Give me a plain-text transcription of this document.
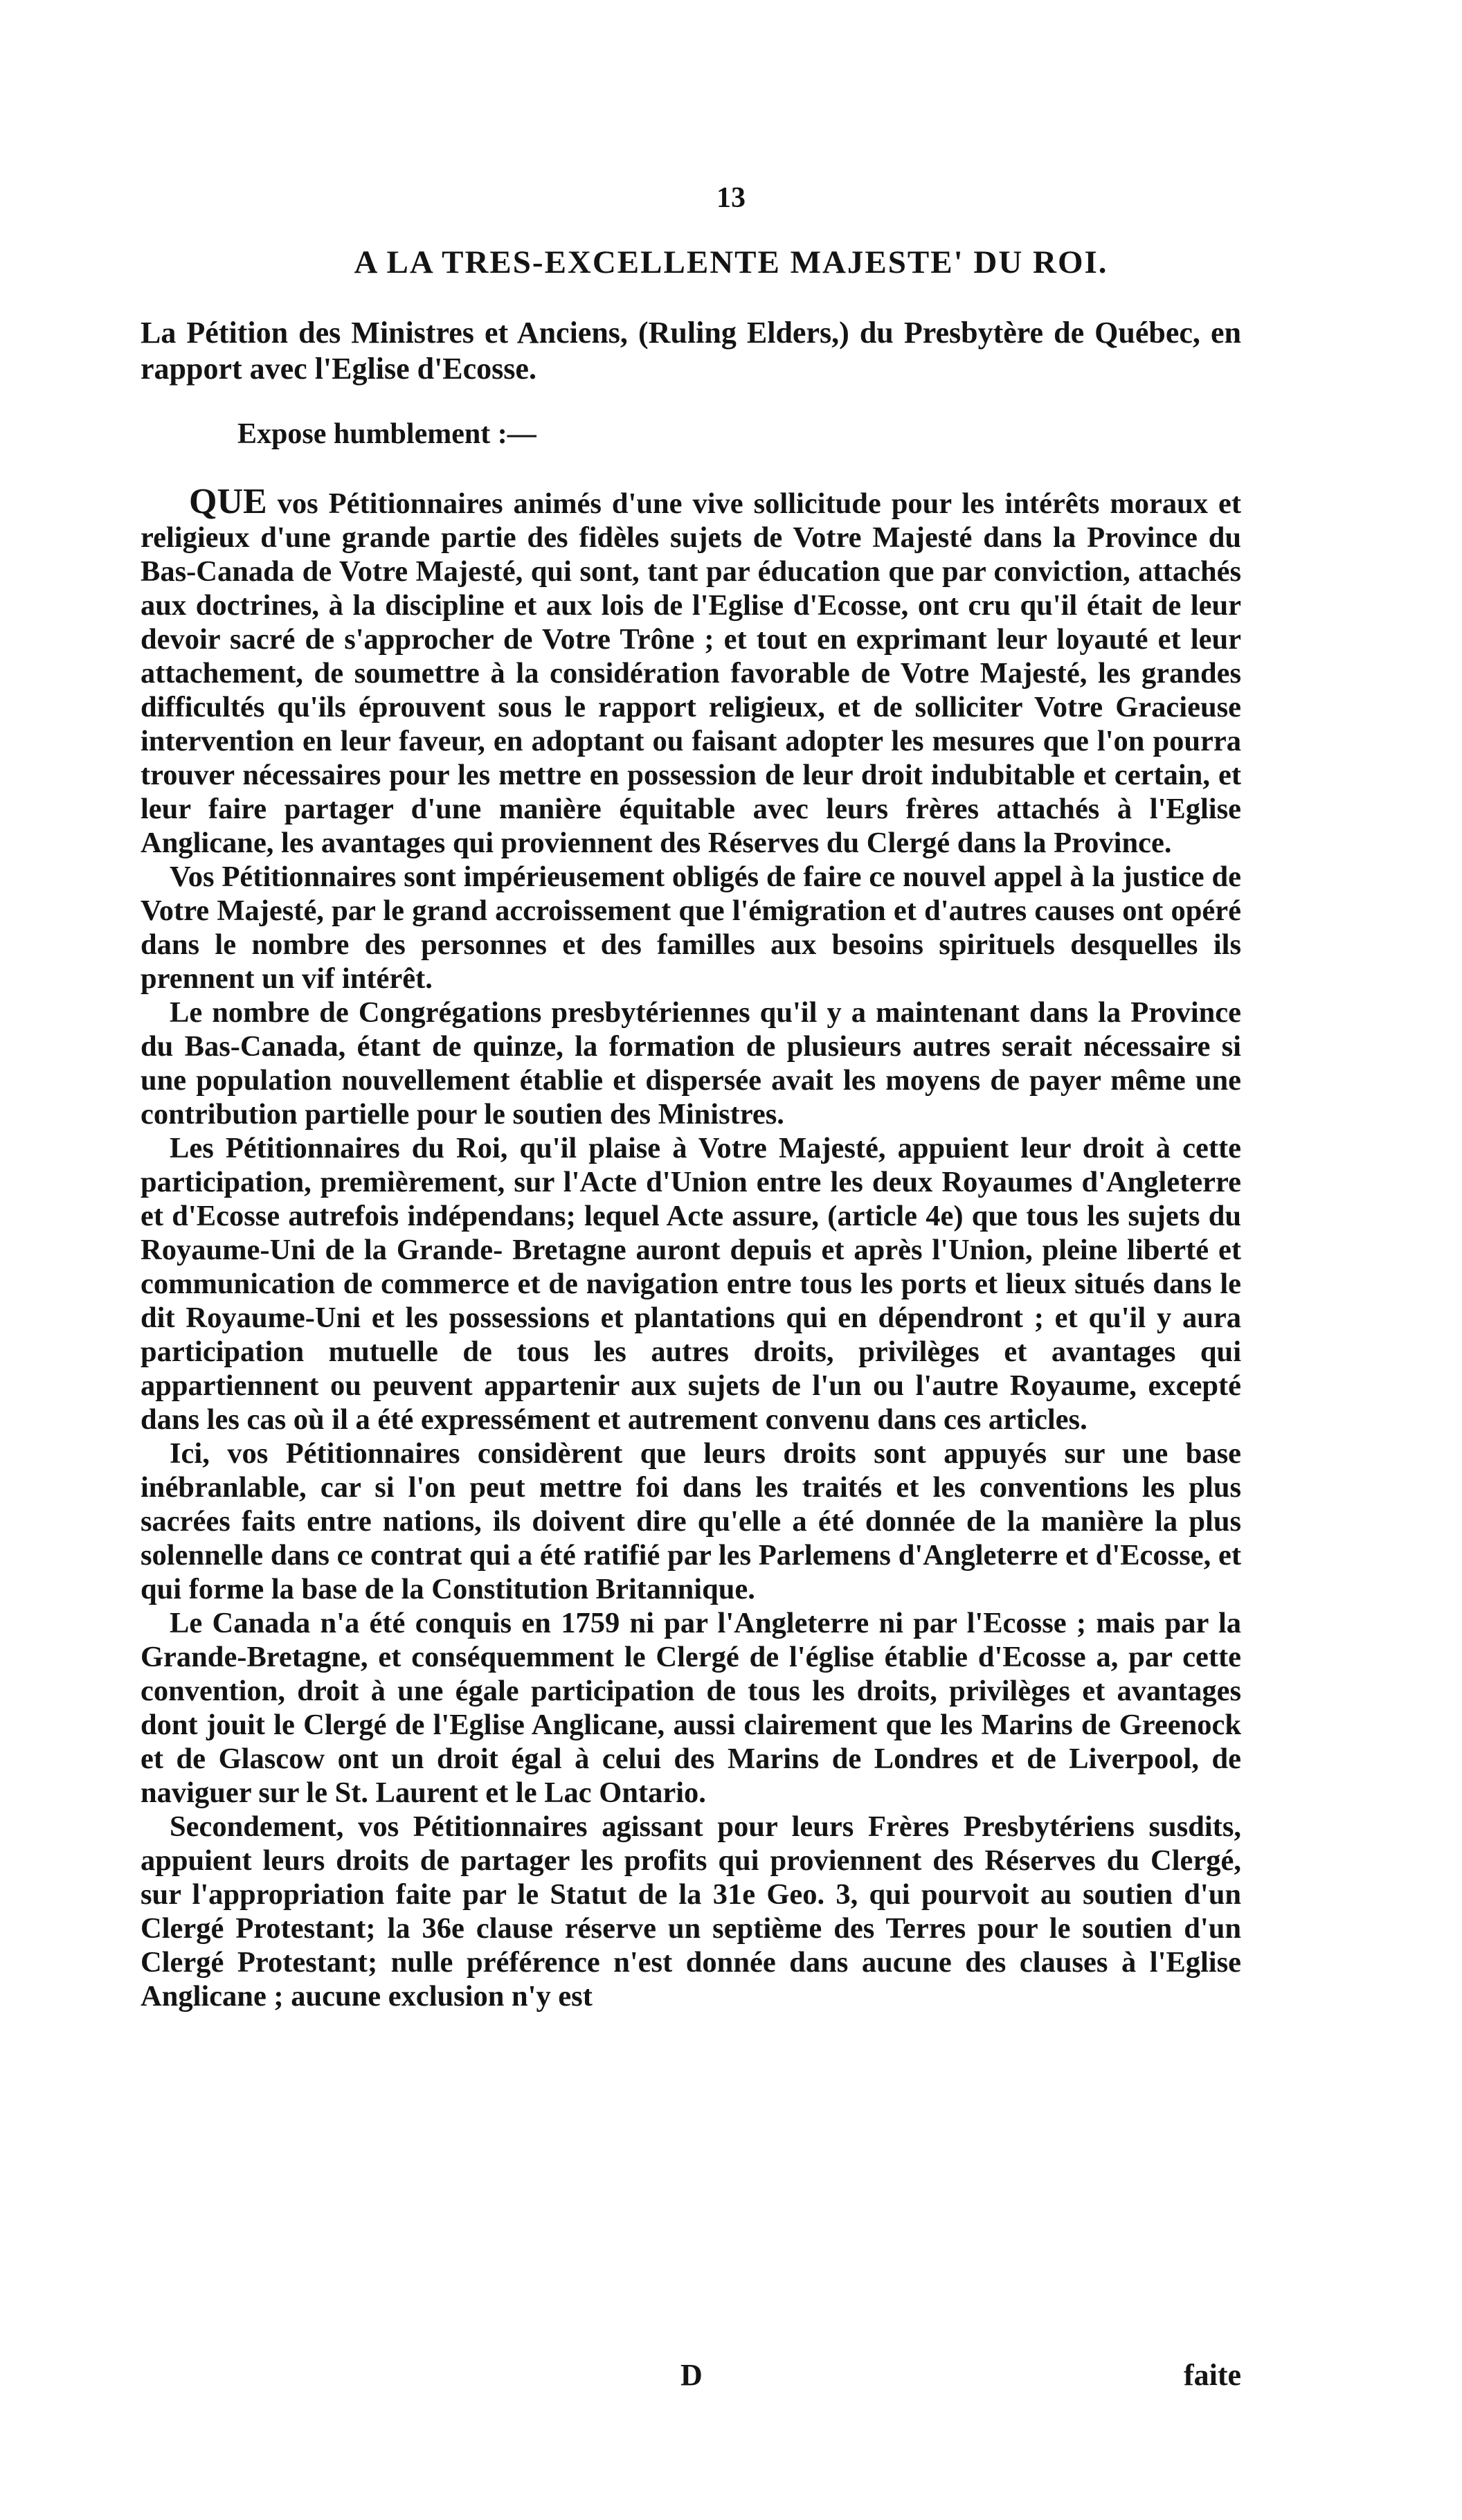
13
A LA TRES-EXCELLENTE MAJESTE' DU ROI.
La Pétition des Ministres et Anciens, (Ruling Elders,) du Presbytère de Québec, en rapport avec l'Eglise d'Ecosse.
Expose humblement :—

QUE vos Pétitionnaires animés d'une vive sollicitude pour les intérêts moraux et religieux d'une grande partie des fidèles sujets de Votre Majesté dans la Province du Bas-Canada de Votre Majesté, qui sont, tant par éducation que par conviction, attachés aux doctrines, à la discipline et aux lois de l'Eglise d'Ecosse, ont cru qu'il était de leur devoir sacré de s'approcher de Votre Trône ; et tout en exprimant leur loyauté et leur attachement, de soumettre à la considération favorable de Votre Majesté, les grandes difficultés qu'ils éprouvent sous le rapport religieux, et de solliciter Votre Gracieuse intervention en leur faveur, en adoptant ou faisant adopter les mesures que l'on pourra trouver nécessaires pour les mettre en possession de leur droit indubitable et certain, et leur faire partager d'une manière équitable avec leurs frères attachés à l'Eglise Anglicane, les avantages qui proviennent des Réserves du Clergé dans la Province.

Vos Pétitionnaires sont impérieusement obligés de faire ce nouvel appel à la justice de Votre Majesté, par le grand accroissement que l'émigration et d'autres causes ont opéré dans le nombre des personnes et des familles aux besoins spirituels desquelles ils prennent un vif intérêt.

Le nombre de Congrégations presbytériennes qu'il y a maintenant dans la Province du Bas-Canada, étant de quinze, la formation de plusieurs autres serait nécessaire si une population nouvellement établie et dispersée avait les moyens de payer même une contribution partielle pour le soutien des Ministres.

Les Pétitionnaires du Roi, qu'il plaise à Votre Majesté, appuient leur droit à cette participation, premièrement, sur l'Acte d'Union entre les deux Royaumes d'Angleterre et d'Ecosse autrefois indépendans; lequel Acte assure, (article 4e) que tous les sujets du Royaume-Uni de la Grande- Bretagne auront depuis et après l'Union, pleine liberté et communication de commerce et de navigation entre tous les ports et lieux situés dans le dit Royaume-Uni et les possessions et plantations qui en dépendront ; et qu'il y aura participation mutuelle de tous les autres droits, privilèges et avantages qui appartiennent ou peuvent appartenir aux sujets de l'un ou l'autre Royaume, excepté dans les cas où il a été expressément et autrement convenu dans ces articles.

Ici, vos Pétitionnaires considèrent que leurs droits sont appuyés sur une base inébranlable, car si l'on peut mettre foi dans les traités et les conventions les plus sacrées faits entre nations, ils doivent dire qu'elle a été donnée de la manière la plus solennelle dans ce contrat qui a été ratifié par les Parlemens d'Angleterre et d'Ecosse, et qui forme la base de la Constitution Britannique.

Le Canada n'a été conquis en 1759 ni par l'Angleterre ni par l'Ecosse ; mais par la Grande-Bretagne, et conséquemment le Clergé de l'église établie d'Ecosse a, par cette convention, droit à une égale participation de tous les droits, privilèges et avantages dont jouit le Clergé de l'Eglise Anglicane, aussi clairement que les Marins de Greenock et de Glascow ont un droit égal à celui des Marins de Londres et de Liverpool, de naviguer sur le St. Laurent et le Lac Ontario.

Secondement, vos Pétitionnaires agissant pour leurs Frères Presbytériens susdits, appuient leurs droits de partager les profits qui proviennent des Réserves du Clergé, sur l'appropriation faite par le Statut de la 31e Geo. 3, qui pourvoit au soutien d'un Clergé Protestant; la 36e clause réserve un septième des Terres pour le soutien d'un Clergé Protestant; nulle préférence n'est donnée dans aucune des clauses à l'Eglise Anglicane ; aucune exclusion n'y est

D	faite
